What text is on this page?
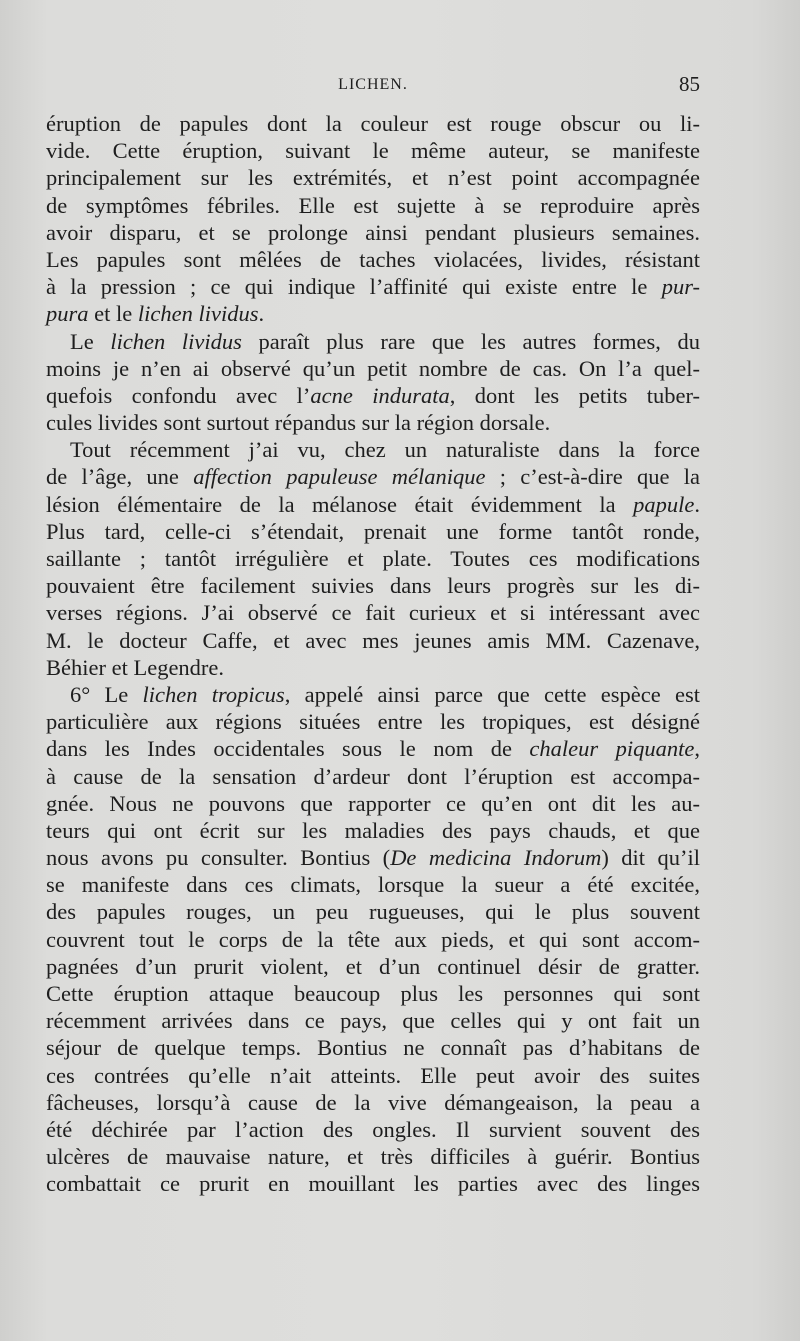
LICHEN.	85
éruption de papules dont la couleur est rouge obscur ou li-
vide. Cette éruption, suivant le même auteur, se manifeste
principalement sur les extrémités, et n’est point accompagnée
de symptômes fébriles. Elle est sujette à se reproduire après
avoir disparu, et se prolonge ainsi pendant plusieurs semaines.
Les papules sont mêlées de taches violacées, livides, résistant
à la pression ; ce qui indique l’affinité qui existe entre le pur-
pura et le lichen lividus.
Le lichen lividus paraît plus rare que les autres formes, du
moins je n’en ai observé qu’un petit nombre de cas. On l’a quel-
quefois confondu avec l’acne indurata, dont les petits tuber-
cules livides sont surtout répandus sur la région dorsale.
Tout récemment j’ai vu, chez un naturaliste dans la force
de l’âge, une affection papuleuse mélanique ; c’est-à-dire que la
lésion élémentaire de la mélanose était évidemment la papule.
Plus tard, celle-ci s’étendait, prenait une forme tantôt ronde,
saillante ; tantôt irrégulière et plate. Toutes ces modifications
pouvaient être facilement suivies dans leurs progrès sur les di-
verses régions. J’ai observé ce fait curieux et si intéressant avec
M. le docteur Caffe, et avec mes jeunes amis MM. Cazenave,
Béhier et Legendre.
6° Le lichen tropicus, appelé ainsi parce que cette espèce est
particulière aux régions situées entre les tropiques, est désigné
dans les Indes occidentales sous le nom de chaleur piquante,
à cause de la sensation d’ardeur dont l’éruption est accompa-
gnée. Nous ne pouvons que rapporter ce qu’en ont dit les au-
teurs qui ont écrit sur les maladies des pays chauds, et que
nous avons pu consulter. Bontius (De medicina Indorum) dit qu’il
se manifeste dans ces climats, lorsque la sueur a été excitée,
des papules rouges, un peu rugueuses, qui le plus souvent
couvrent tout le corps de la tête aux pieds, et qui sont accom-
pagnées d’un prurit violent, et d’un continuel désir de gratter.
Cette éruption attaque beaucoup plus les personnes qui sont
récemment arrivées dans ce pays, que celles qui y ont fait un
séjour de quelque temps. Bontius ne connaît pas d’habitans de
ces contrées qu’elle n’ait atteints. Elle peut avoir des suites
fâcheuses, lorsqu’à cause de la vive démangeaison, la peau a
été déchirée par l’action des ongles. Il survient souvent des
ulcères de mauvaise nature, et très difficiles à guérir. Bontius
combattait ce prurit en mouillant les parties avec des linges
